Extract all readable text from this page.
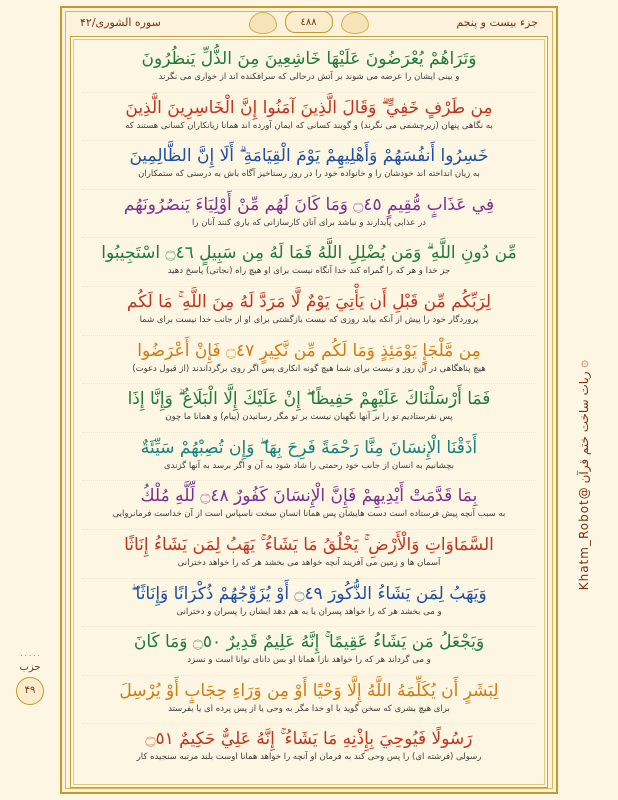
جزء بیست و پنجم
٤٨٨
سوره الشورى/۴۲
۞ ربات ساخت ختم قرآن @Khatm_Robot
۰۰۰۰۰
حزب
۴۹
وَتَرَاهُمْ يُعْرَضُونَ عَلَيْهَا خَاشِعِينَ مِنَ الذُّلِّ يَنظُرُونَ
و بینی ایشان را عرضه می شوند بر آتش درحالی که سرافکنده اند از خواری می نگرند
مِن طَرْفٍ خَفِيٍّ ۗ وَقَالَ الَّذِينَ آمَنُوا إِنَّ الْخَاسِرِينَ الَّذِينَ
به نگاهی پنهان (زیرچشمی می نگرند) و گویند کسانی که ایمان آورده اند همانا زیانکاران کسانی هستند که
خَسِرُوا أَنفُسَهُمْ وَأَهْلِيهِمْ يَوْمَ الْقِيَامَةِ ۗ أَلَا إِنَّ الظَّالِمِينَ
به زیان انداخته اند خودشان را و خانواده خود را در روز رستاخیز آگاه باش به درستی که ستمکاران
فِي عَذَابٍ مُّقِيمٍ ۝٤٥ وَمَا كَانَ لَهُم مِّنْ أَوْلِيَاءَ يَنصُرُونَهُم
در عذابی پایدارند و نباشد برای آنان کارسازانی که یاری کنند آنان را
مِّن دُونِ اللَّهِ ۗ وَمَن يُضْلِلِ اللَّهُ فَمَا لَهُ مِن سَبِيلٍ ۝٤٦ اسْتَجِيبُوا
جز خدا و هر که را گمراه کند خدا آنگاه نیست برای او هیچ راه (نجاتی) پاسخ دهید
لِرَبِّكُم مِّن قَبْلِ أَن يَأْتِيَ يَوْمٌ لَّا مَرَدَّ لَهُ مِنَ اللَّهِ ۚ مَا لَكُم
پروردگار خود را پیش از آنکه بیاید روزی که نیست بازگشتی برای او از جانب خدا نیست برای شما
مِن مَّلْجَإٍ يَوْمَئِذٍ وَمَا لَكُم مِّن نَّكِيرٍ ۝٤٧ فَإِنْ أَعْرَضُوا
هیچ پناهگاهی در آن روز و نیست برای شما هیچ گونه انکاری پس اگر روی برگرداندند (از قبول دعوت)
فَمَا أَرْسَلْنَاكَ عَلَيْهِمْ حَفِيظًا ۖ إِنْ عَلَيْكَ إِلَّا الْبَلَاغُ ۗ وَإِنَّا إِذَا
پس نفرستادیم تو را بر آنها نگهبان نیست بر تو مگر رسانیدن (پیام) و همانا ما چون
أَذَقْنَا الْإِنسَانَ مِنَّا رَحْمَةً فَرِحَ بِهَا ۖ وَإِن تُصِبْهُمْ سَيِّئَةٌ
بچشانیم به انسان از جانب خود رحمتی را شاد شود به آن و اگر برسد به آنها گزندی
بِمَا قَدَّمَتْ أَيْدِيهِمْ فَإِنَّ الْإِنسَانَ كَفُورٌ ۝٤٨ لِّلَّهِ مُلْكُ
به سبب آنچه پیش فرستاده است دست هایشان پس همانا انسان سخت ناسپاس است از آن خداست فرمانروایی
السَّمَاوَاتِ وَالْأَرْضِ ۚ يَخْلُقُ مَا يَشَاءُ ۚ يَهَبُ لِمَن يَشَاءُ إِنَاثًا
آسمان ها و زمین می آفریند آنچه خواهد می بخشد هر که را خواهد دخترانی
وَيَهَبُ لِمَن يَشَاءُ الذُّكُورَ ۝٤٩ أَوْ يُزَوِّجُهُمْ ذُكْرَانًا وَإِنَاثًا ۖ
و می بخشد هر که را خواهد پسران یا به هم دهد ایشان را پسران و دخترانی
وَيَجْعَلُ مَن يَشَاءُ عَقِيمًا ۚ إِنَّهُ عَلِيمٌ قَدِيرٌ ۝٥٠ وَمَا كَانَ
و می گرداند هر که را خواهد نازا همانا او بس دانای توانا است و نسزد
لِبَشَرٍ أَن يُكَلِّمَهُ اللَّهُ إِلَّا وَحْيًا أَوْ مِن وَرَاءِ حِجَابٍ أَوْ يُرْسِلَ
برای هیچ بشری که سخن گوید با او خدا مگر به وحی یا از پس پرده ای یا بفرستد
رَسُولًا فَيُوحِيَ بِإِذْنِهِ مَا يَشَاءُ ۚ إِنَّهُ عَلِيٌّ حَكِيمٌ ۝٥١
رسولی (فرشته ای) را پس وحی کند به فرمان او آنچه را خواهد همانا اوست بلند مرتبه سنجیده کار
